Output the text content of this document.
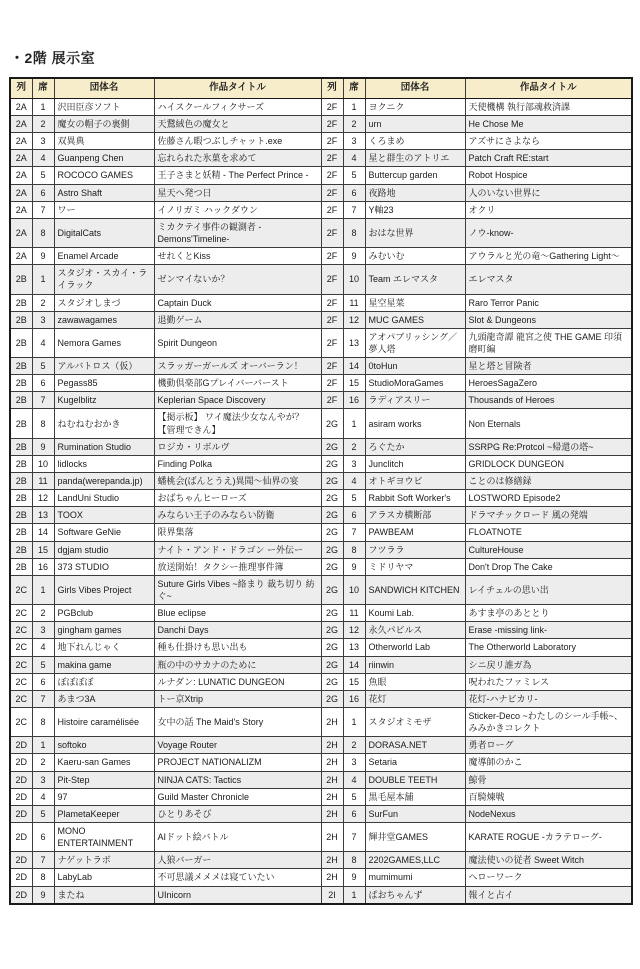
・2階 展示室
列	席	団体名	作品タイトル	列	席	団体名	作品タイトル
2A	1	沢田臣彦ソフト	ハイスクールフィクサーズ	2F	1	ヨクニク	天使機構 執行部魂救済課
2A	2	魔女の帽子の裏側	天鵞絨色の魔女と	2F	2	urn	He Chose Me
2A	3	双異典	佐藤さん暇つぶしチャット.exe	2F	3	くろまめ	アズサにさよなら
2A	4	Guanpeng Chen	忘れられた氷菓を求めて	2F	4	星と群生のアトリエ	Patch Craft RE:start
2A	5	ROCOCO GAMES	王子さまと妖精 - The Perfect Prince -	2F	5	Buttercup garden	Robot Hospice
2A	6	Astro Shaft	星天へ発つ日	2F	6	夜路地	人のいない世界に
2A	7	ワー	イノリガミ ハックダウン	2F	7	Y軸23	オクリ
2A	8	DigitalCats	ミカクテイ事件の観測者 -Demons'Timeline-	2F	8	おはな世界	ノウ-know-
2A	9	Enamel Arcade	せれくとKiss	2F	9	みむいむ	アウラルと光の竜～Gathering Light～
2B	1	スタジオ・スカイ・ライラック	ゼンマイないか？	2F	10	Team エレマスタ	エレマスタ
2B	2	スタジオしまづ	Captain Duck	2F	11	星空星菜	Raro Terror Panic
2B	3	zawawagames	退勤ゲーム	2F	12	MUC GAMES	Slot & Dungeons
2B	4	Nemora Games	Spirit Dungeon	2F	13	アオパブリッシング／夢人塔	九頭龍奇譚 龍宮之使 THE GAME 印須磨町編
2B	5	アルバトロス（仮）	スラッガーガールズ オーバーラン！	2F	14	0toHun	星と塔と冒険者
2B	6	Pegass85	機動倶楽部Gプレイバーバースト	2F	15	StudioMoraGames	HeroesSagaZero
2B	7	Kugelblitz	Keplerian Space Discovery	2F	16	ラディアスリー	Thousands of Heroes
2B	8	ねむねむおかき	【掲示板】 ワイ魔法少女なんやが？【管理できん】	2G	1	asiram works	Non Eternals
2B	9	Rumination Studio	ロジカ・リボルヴ	2G	2	ろぐたか	SSRPG Re:Protcol ~帰還の塔~
2B	10	lidlocks	Finding Polka	2G	3	Junclitch	GRIDLOCK DUNGEON
2B	11	panda(werepanda.jp)	蟠桃会(ばんとうえ)異聞～仙界の宴	2G	4	オトギヨウビ	ことのは修繕録
2B	12	LandUni Studio	おばちゃんヒーローズ	2G	5	Rabbit Soft Worker's	LOSTWORD Episode2
2B	13	TOOX	みならい王子のみならい防衛	2G	6	アラスカ横断部	ドラマチックロード 風の発端
2B	14	Software GeNie	限界集落	2G	7	PAWBEAM	FLOATNOTE
2B	15	dgjam studio	ナイト・アンド・ドラゴン ー外伝ー	2G	8	フツララ	CultureHouse
2B	16	373 STUDIO	放送開始！タクシー推理事件簿	2G	9	ミドリヤマ	Don't Drop The Cake
2C	1	Girls Vibes Project	Suture Girls Vibes ~絡まり 裁ち切り 紡ぐ~	2G	10	SANDWICH KITCHEN	レイチェルの思い出
2C	2	PGBclub	Blue eclipse	2G	11	Koumi Lab.	あすま亭のあととり
2C	3	gingham games	Danchi Days	2G	12	永久パビルス	Erase -missing link-
2C	4	地下れんじゃく	種も仕掛けも思い出も	2G	13	Otherworld Lab	The Otherworld Laboratory
2C	5	makina game	瓶の中のサカナのために	2G	14	riinwin	シニ戻リ誰ガ為
2C	6	ぼぼぼぼ	ルナダン: LUNATIC DUNGEON	2G	15	魚眼	呪われたファミレス
2C	7	あまつ3A	トー京Xtrip	2G	16	花灯	花灯-ハナビカリ-
2C	8	Histoire caramélisée	女中の話 The Maid's Story	2H	1	スタジオミモザ	Sticker-Deco ~わたしのシール手帳~、みみかきコレクト
2D	1	softoko	Voyage Router	2H	2	DORASA.NET	勇者ローグ
2D	2	Kaeru-san Games	PROJECT NATIONALIZM	2H	3	Setaria	魔導師のかこ
2D	3	Pit-Step	NINJA CATS: Tactics	2H	4	DOUBLE TEETH	鯨骨
2D	4	97	Guild Master Chronicle	2H	5	黒毛屋本舗	百騎煉戦
2D	5	PlametaKeeper	ひとりあそび	2H	6	SurFun	NodeNexus
2D	6	MONO ENTERTAINMENT	AIドット絵バトル	2H	7	輝井堂GAMES	KARATE ROGUE -カラテローグ-
2D	7	ナゲットラボ	人狼バーガー	2H	8	2202GAMES,LLC	魔法使いの従者 Sweet Witch
2D	8	LabyLab	不可思議メメメは寝ていたい	2H	9	mumimumi	ヘローワーク
2D	9	またね	UInicorn	2I	1	ぱおちゃんず	報イと占イ
